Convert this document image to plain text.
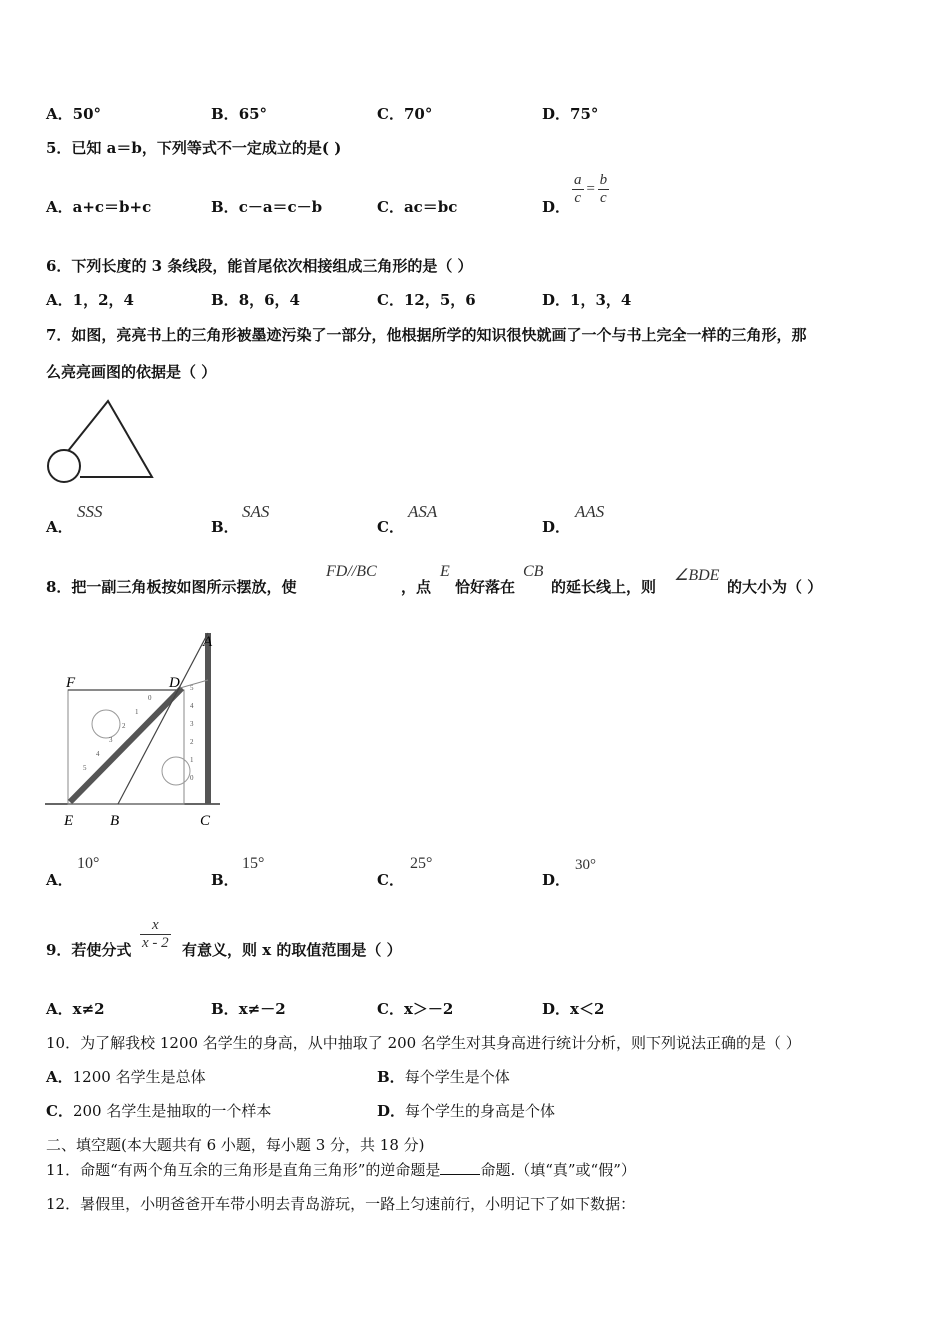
A．50°	B．65°	C．70°	D．75°
5．已知 a＝b，下列等式不一定成立的是( )
A．a+c＝b+c	B．c－a＝c－b	C．ac＝bc	D． $\frac{a}{c} = \frac{b}{c}$
6．下列长度的 3 条线段，能首尾依次相接组成三角形的是（ ）
A．1，2，4	B．8，6，4	C．12，5，6	D．1，3，4
7．如图，亮亮书上的三角形被墨迹污染了一部分，他根据所学的知识很快就画了一个与书上完全一样的三角形，那
么亮亮画图的依据是（ ）
A．
SSS
B．
SAS
C．
ASA
D．
AAS
8．把一副三角板按如图所示摆放，使
FD//BC
，点
E
恰好落在
CB
的延长线上，则
∠BDE
的大小为（ ）
0
1
2
3
4
5
5
4
3
2
1
0
A
F	D
E B	C
A．
10°
B．
15°
C．
25°
D．
30°
9．若使分式 $\frac{x}{x - 2}$ 有意义，则 x 的取值范围是（ ）
A．x≠2	B．x≠－2	C．x＞－2	D．x＜2
10．为了解我校 1200 名学生的身高，从中抽取了 200 名学生对其身高进行统计分析，则下列说法正确的是（ ）
A．1200 名学生是总体	B．每个学生是个体
C．200 名学生是抽取的一个样本	D．每个学生的身高是个体
二、填空题(本大题共有 6 小题，每小题 3 分，共 18 分)
11．命题“有两个角互余的三角形是直角三角形”的逆命题是	命题.（填“真”或“假”）
12．暑假里，小明爸爸开车带小明去青岛游玩，一路上匀速前行，小明记下了如下数据：
